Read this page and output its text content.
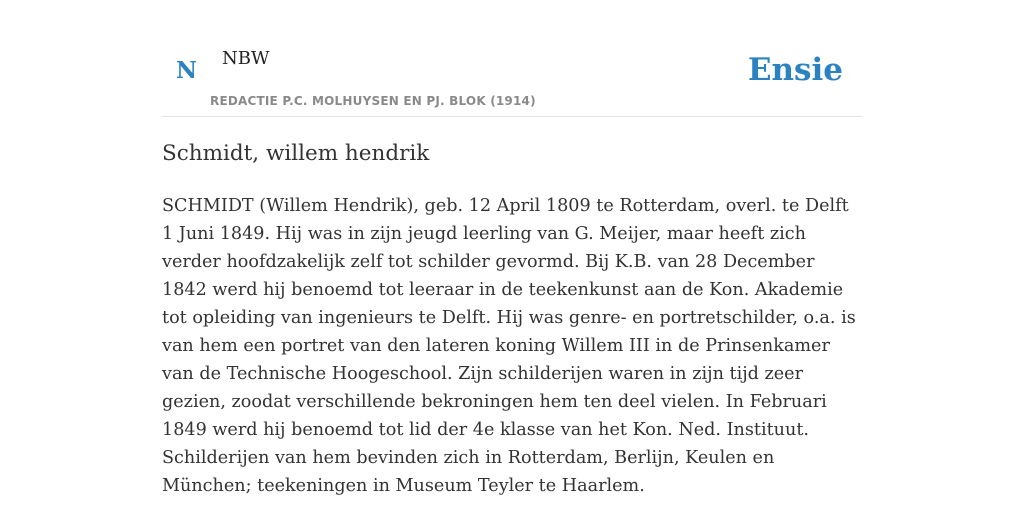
N NBW
REDACTIE P.C. MOLHUYSEN EN PJ. BLOK (1914)
Ensie
Schmidt, willem hendrik

SCHMIDT (Willem Hendrik), geb. 12 April 1809 te Rotterdam, overl. te Delft 1 Juni 1849. Hij was in zijn jeugd leerling van G. Meijer, maar heeft zich verder hoofdzakelijk zelf tot schilder gevormd. Bij K.B. van 28 December 1842 werd hij benoemd tot leeraar in de teekenkunst aan de Kon. Akademie tot opleiding van ingenieurs te Delft. Hij was genre- en portretschilder, o.a. is van hem een portret van den lateren koning Willem III in de Prinsenkamer van de Technische Hoogeschool. Zijn schilderijen waren in zijn tijd zeer gezien, zoodat verschillende bekroningen hem ten deel vielen. In Februari 1849 werd hij benoemd tot lid der 4e klasse van het Kon. Ned. Instituut. Schilderijen van hem bevinden zich in Rotterdam, Berlijn, Keulen en München; teekeningen in Museum Teyler te Haarlem.
